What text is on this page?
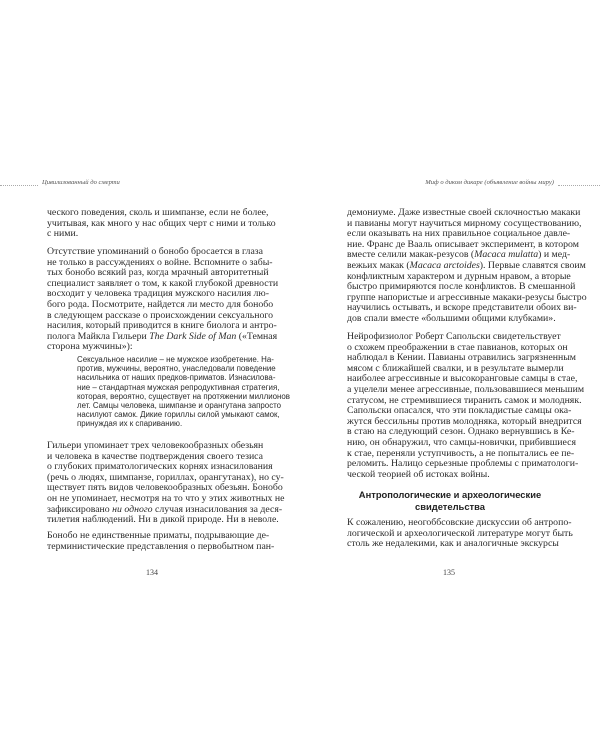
Цивилизованный до смерти
134
ческого поведения, сколь и шимпанзе, если не более,
учитывая, как много у нас общих черт с ними и только
с ними.
Отсутствие упоминаний о бонобо бросается в глаза
не только в рассуждениях о войне. Вспомните о забы-
тых бонобо всякий раз, когда мрачный авторитетный
специалист заявляет о том, к какой глубокой древности
восходит у человека традиция мужского насилия лю-
бого рода. Посмотрите, найдется ли место для бонобо
в следующем рассказе о происхождении сексуального
насилия, который приводится в книге биолога и антро-
полога Майкла Гильери The Dark Side of Man («Темная
сторона мужчины»):
Сексуальное насилие – не мужское изобретение. На-
против, мужчины, вероятно, унаследовали поведение
насильника от наших предков-приматов. Изнасилова-
ние – стандартная мужская репродуктивная стратегия,
которая, вероятно, существует на протяжении миллионов
лет. Самцы человека, шимпанзе и орангутана запросто
насилуют самок. Дикие гориллы силой умыкают самок,
принуждая их к спариванию.
Гильери упоминает трех человекообразных обезьян
и человека в качестве подтверждения своего тезиса
о глубоких приматологических корнях изнасилования
(речь о людях, шимпанзе, гориллах, орангутанах), но су-
ществует пять видов человекообразных обезьян. Бонобо
он не упоминает, несмотря на то что у этих животных не
зафиксировано ни одного случая изнасилования за деся-
тилетия наблюдений. Ни в дикой природе. Ни в неволе.
Бонобо не единственные приматы, подрывающие де-
терминистические представления о первобытном пан-
Миф о диком дикаре (объявление войны миру)
135
демониуме. Даже известные своей склочностью макаки
и павианы могут научиться мирному сосуществованию,
если оказывать на них правильное социальное давле-
ние. Франс де Вааль описывает эксперимент, в котором
вместе селили макак-резусов (Macaca mulatta) и мед-
вежьих макак (Macaca arctoides). Первые славятся своим
конфликтным характером и дурным нравом, а вторые
быстро примиряются после конфликтов. В смешанной
группе напористые и агрессивные макаки-резусы быстро
научились остывать, и вскоре представители обоих ви-
дов спали вместе «большими общими клубками».
Нейрофизиолог Роберт Сапольски свидетельствует
о схожем преображении в стае павианов, которых он
наблюдал в Кении. Павианы отравились загрязненным
мясом с ближайшей свалки, и в результате вымерли
наиболее агрессивные и высокоранговые самцы в стае,
а уцелели менее агрессивные, пользовавшиеся меньшим
статусом, не стремившиеся тиранить самок и молодняк.
Сапольски опасался, что эти покладистые самцы ока-
жутся бессильны против молодняка, который внедрится
в стаю на следующий сезон. Однако вернувшись в Ке-
нию, он обнаружил, что самцы-новички, прибившиеся
к стае, переняли уступчивость, а не попытались ее пе-
реломить. Налицо серьезные проблемы с приматологи-
ческой теорией об истоках войны.
Антропологические и археологические
свидетельства
К сожалению, неогоббсовские дискуссии об антропо-
логической и археологической литературе могут быть
столь же недалекими, как и аналогичные экскурсы
